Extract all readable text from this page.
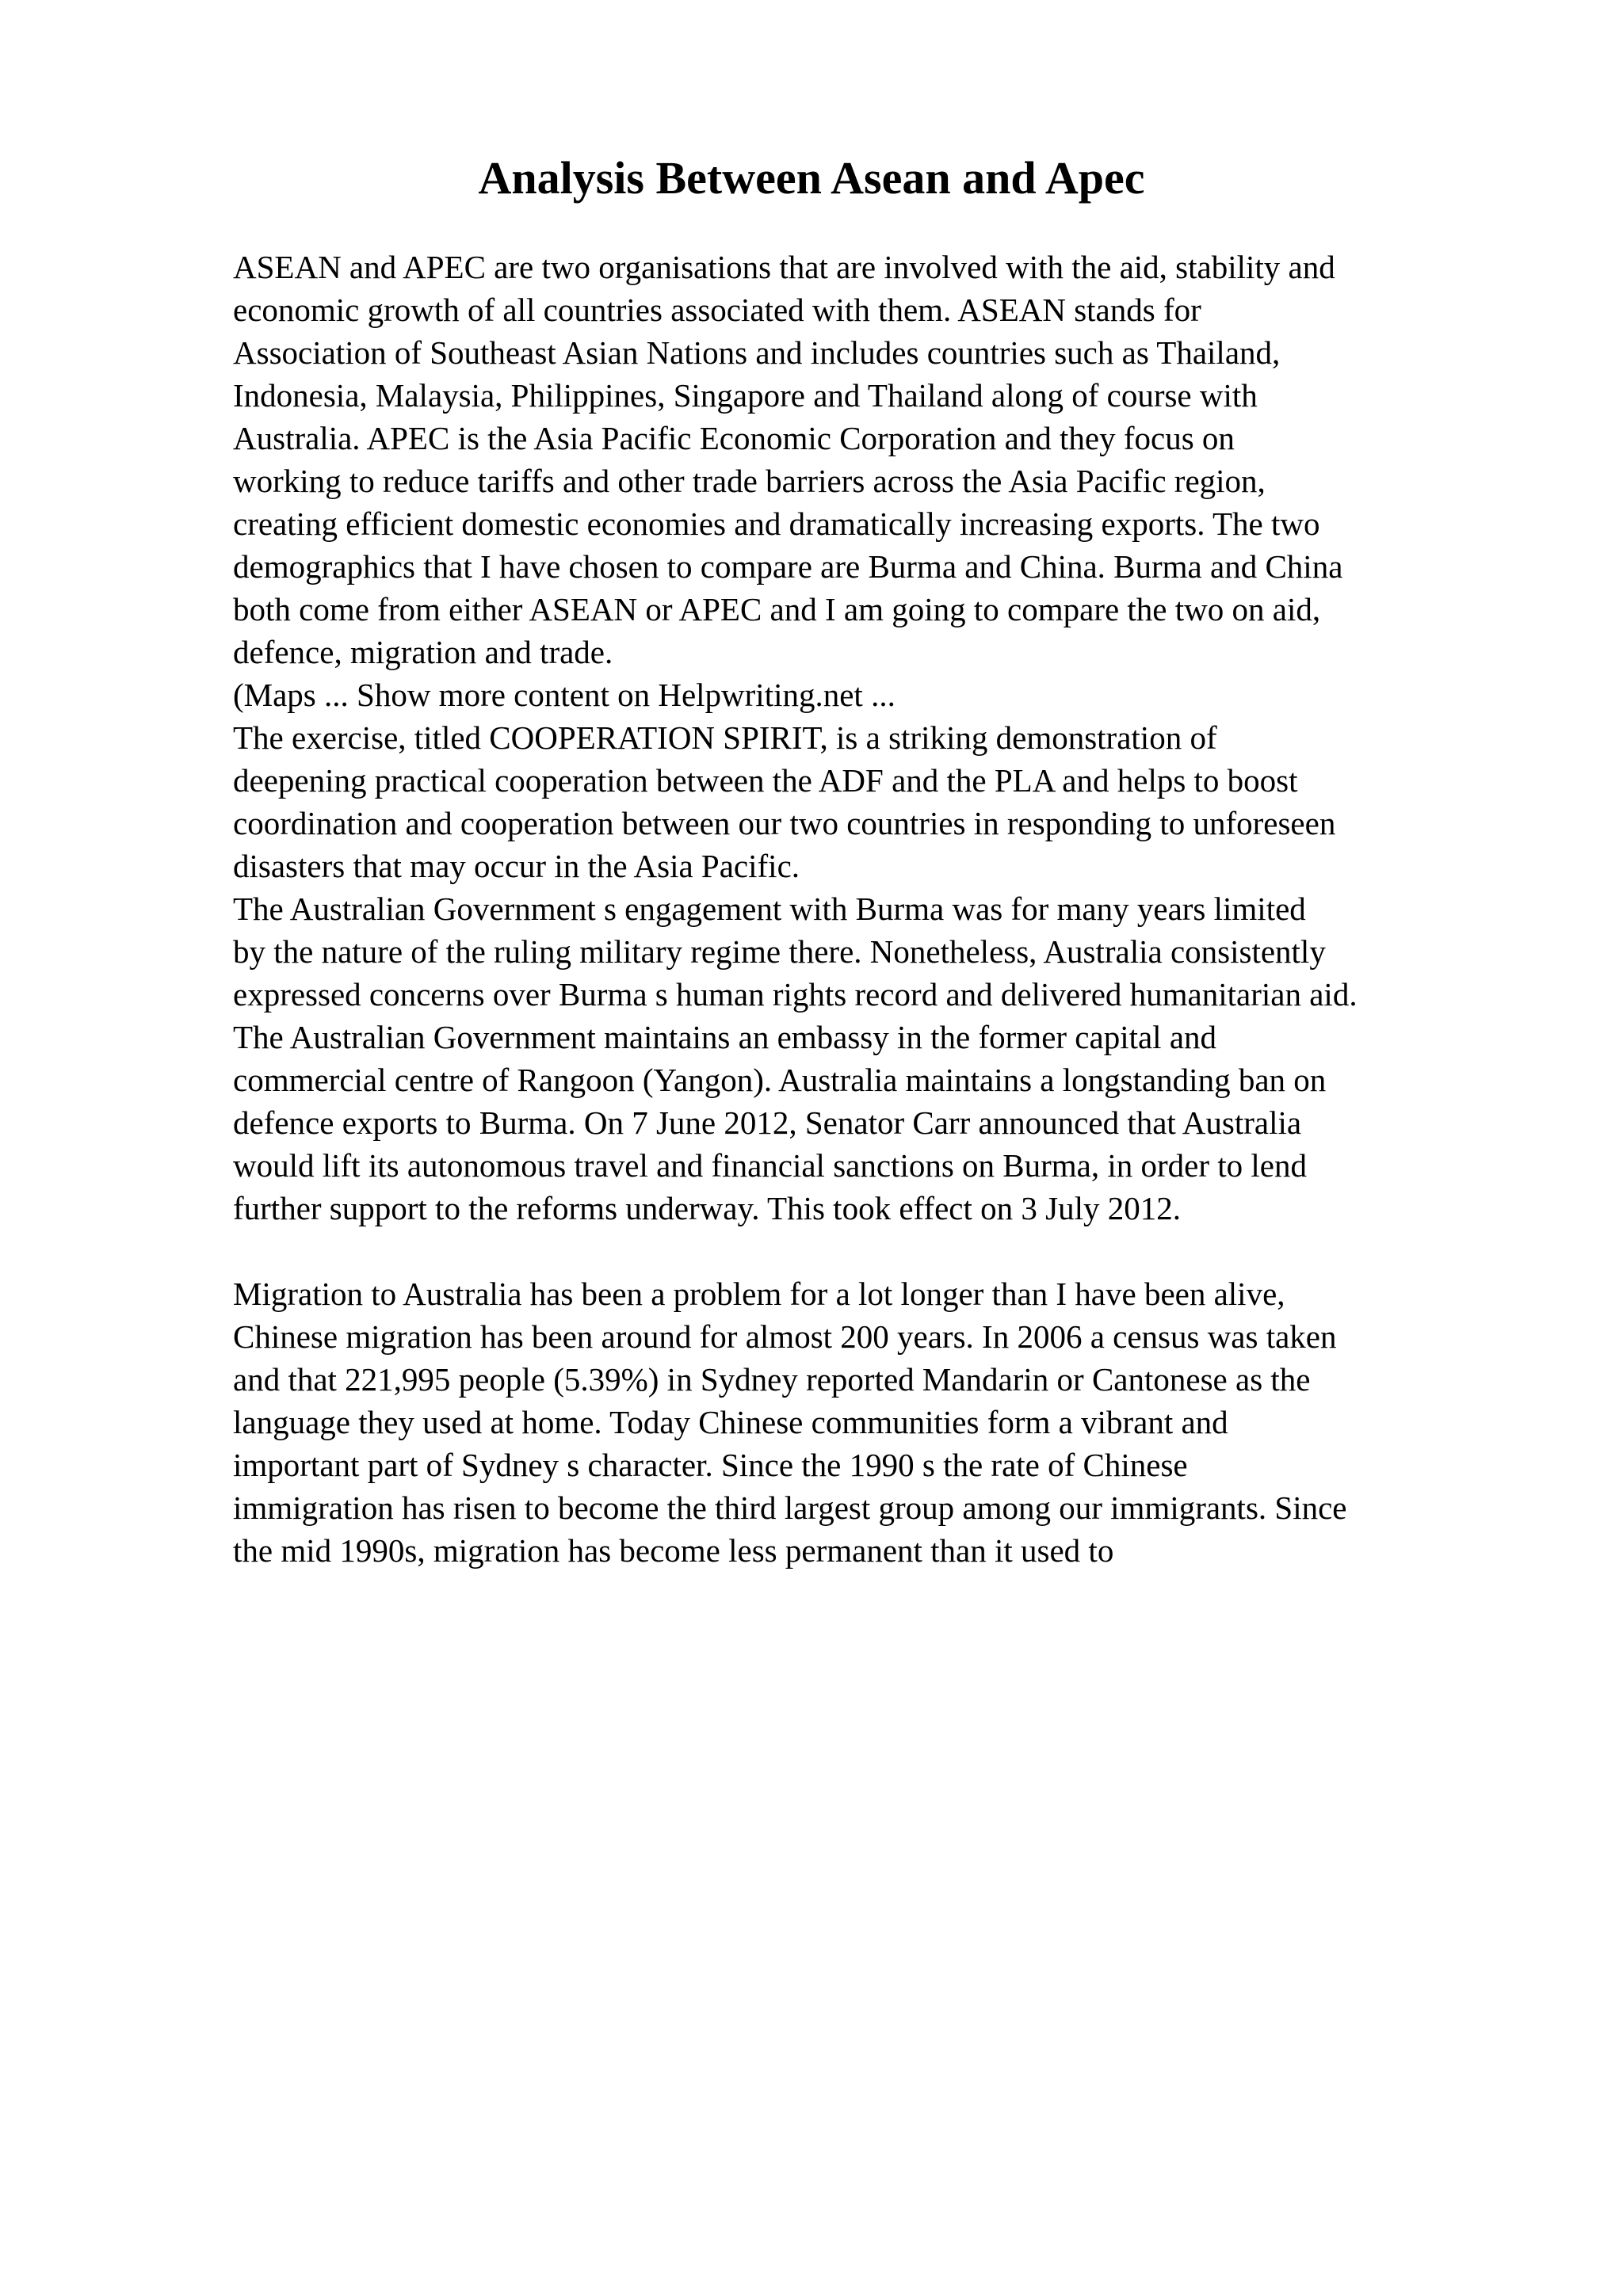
Analysis Between Asean and Apec
ASEAN and APEC are two organisations that are involved with the aid, stability and
economic growth of all countries associated with them. ASEAN stands for
Association of Southeast Asian Nations and includes countries such as Thailand,
Indonesia, Malaysia, Philippines, Singapore and Thailand along of course with
Australia. APEC is the Asia Pacific Economic Corporation and they focus on
working to reduce tariffs and other trade barriers across the Asia Pacific region,
creating efficient domestic economies and dramatically increasing exports. The two
demographics that I have chosen to compare are Burma and China. Burma and China
both come from either ASEAN or APEC and I am going to compare the two on aid,
defence, migration and trade.
(Maps ... Show more content on Helpwriting.net ...
The exercise, titled COOPERATION SPIRIT, is a striking demonstration of
deepening practical cooperation between the ADF and the PLA and helps to boost
coordination and cooperation between our two countries in responding to unforeseen
disasters that may occur in the Asia Pacific.
The Australian Government s engagement with Burma was for many years limited
by the nature of the ruling military regime there. Nonetheless, Australia consistently
expressed concerns over Burma s human rights record and delivered humanitarian aid.
The Australian Government maintains an embassy in the former capital and
commercial centre of Rangoon (Yangon). Australia maintains a longstanding ban on
defence exports to Burma. On 7 June 2012, Senator Carr announced that Australia
would lift its autonomous travel and financial sanctions on Burma, in order to lend
further support to the reforms underway. This took effect on 3 July 2012.
Migration to Australia has been a problem for a lot longer than I have been alive,
Chinese migration has been around for almost 200 years. In 2006 a census was taken
and that 221,995 people (5.39%) in Sydney reported Mandarin or Cantonese as the
language they used at home. Today Chinese communities form a vibrant and
important part of Sydney s character. Since the 1990 s the rate of Chinese
immigration has risen to become the third largest group among our immigrants. Since
the mid 1990s, migration has become less permanent than it used to
